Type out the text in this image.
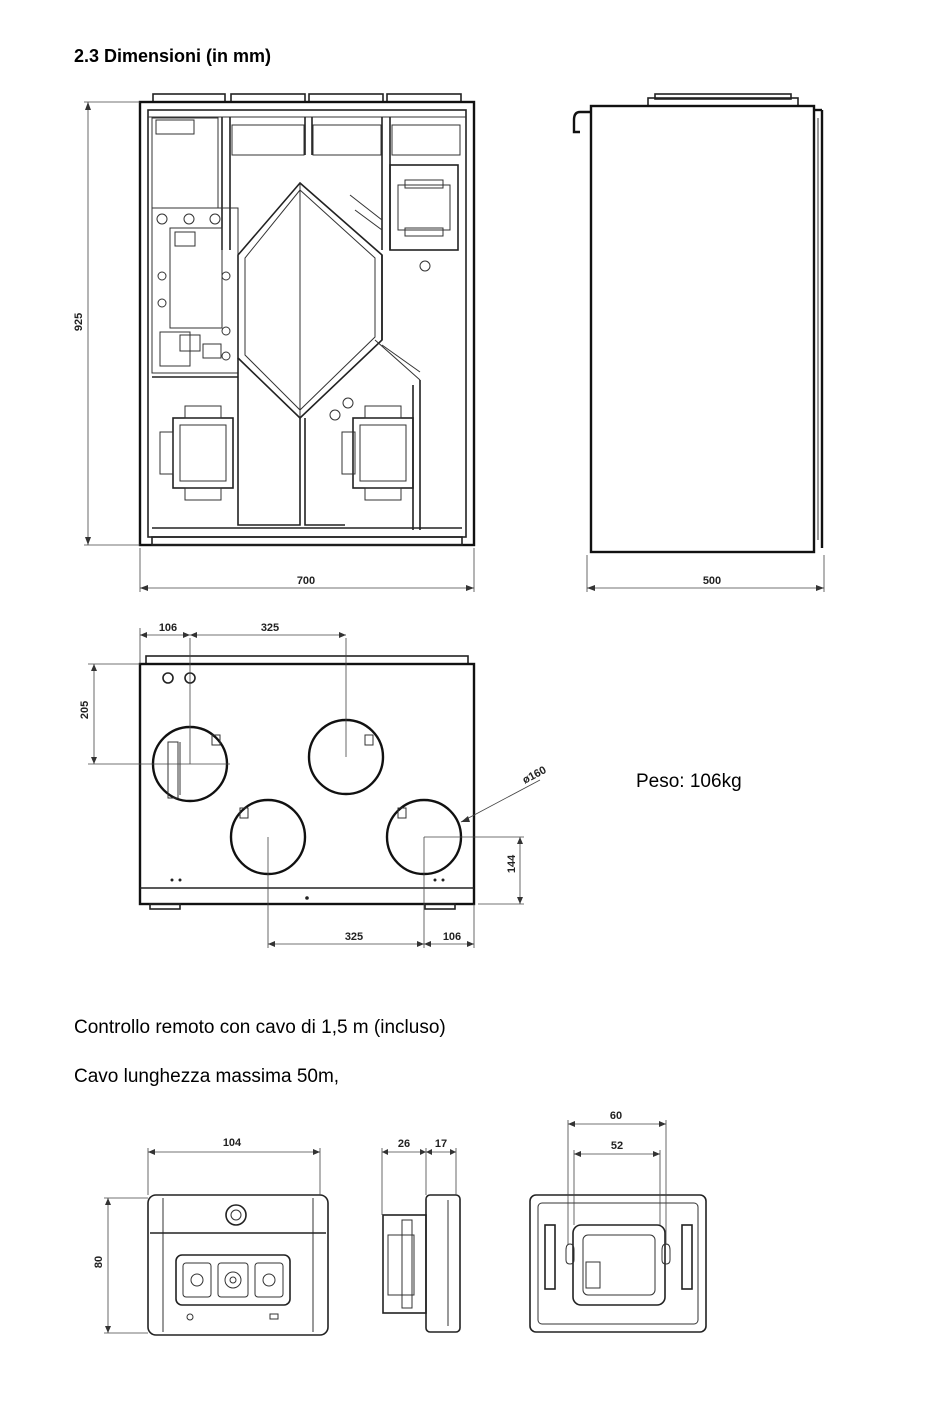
2.3 Dimensioni (in mm)
925
700	500
106	325
205
ø160
144
325	106
Peso: 106kg
Controllo remoto con cavo di 1,5 m (incluso)
Cavo lunghezza massima 50m,
104
80
26 17
60
52
